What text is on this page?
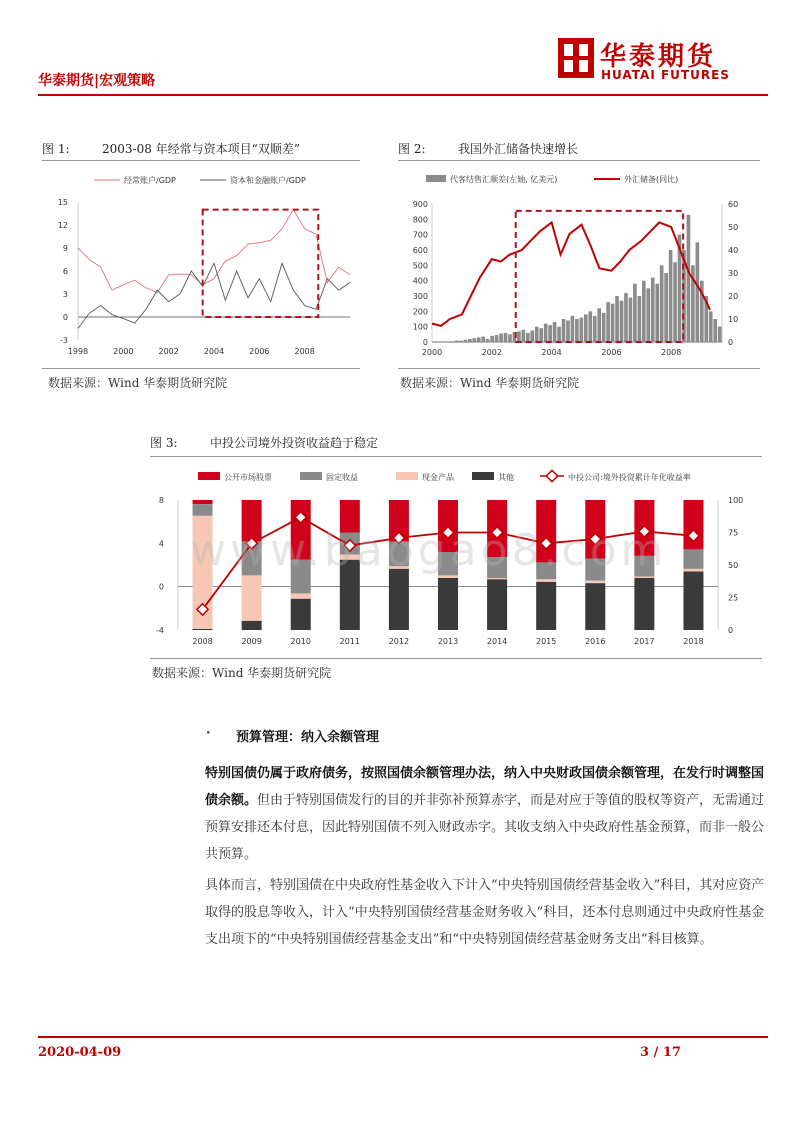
华泰期货|宏观策略
华泰期货
HUATAI FUTURES
图 1:	2003-08 年经常与资本项目“双顺差”
经常账户/GDP	资本和金融账户/GDP
-3
0
3
6
9
12
15
1998	2000	2002	2004	2006	2008
数据来源：Wind 华泰期货研究院
图 2:	我国外汇储备快速增长
代客结售汇顺差(左轴, 亿美元)	外汇储备(同比)
0
100
200
300
400
500
600
700
800
900
0
10
20
30
40
50
60
2000	2002	2004	2006	2008
数据来源：Wind 华泰期货研究院
图 3:	中投公司境外投资收益趋于稳定
公开市场股票	固定收益	现金产品	其他	中投公司:境外投资累计年化收益率
-4
0
4
8
0
25
50
75
100
2008	2009	2010	2011	2012	2013	2014	2015	2016	2017	2018
数据来源：Wind 华泰期货研究院
www.baogao8.com
· 预算管理：纳入余额管理
特别国债仍属于政府债务，按照国债余额管理办法，纳入中央财政国债余额管理，在发行时调整国债余额。但由于特别国债发行的目的并非弥补预算赤字，而是对应于等值的股权等资产，无需通过预算安排还本付息，因此特别国债不列入财政赤字。其收支纳入中央政府性基金预算，而非一般公共预算。
具体而言，特别国债在中央政府性基金收入下计入“中央特别国债经营基金收入”科目，其对应资产取得的股息等收入，计入“中央特别国债经营基金财务收入”科目，还本付息则通过中央政府性基金支出项下的“中央特别国债经营基金支出”和“中央特别国债经营基金财务支出”科目核算。
2020-04-09	3 / 17
